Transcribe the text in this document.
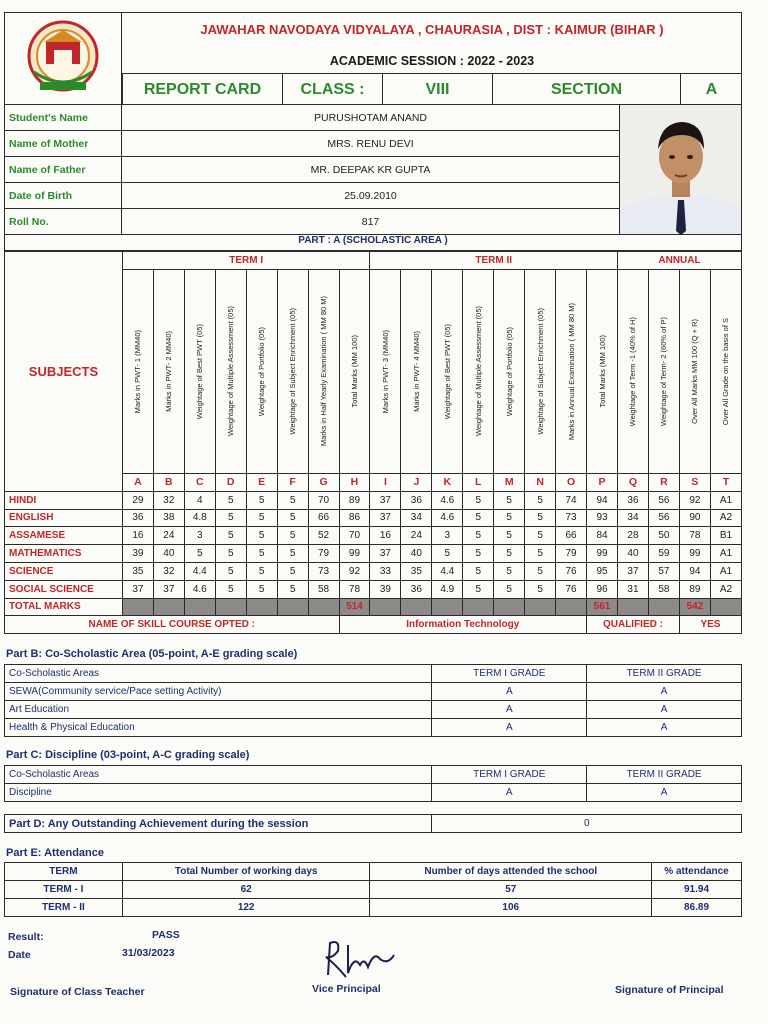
JAWAHAR NAVODAYA VIDYALAYA , CHAURASIA , DIST : KAIMUR (BIHAR )
ACADEMIC SESSION : 2022 - 2023
REPORT CARD	CLASS :	VIII	SECTION	A
Student's Name	PURUSHOTAM ANAND
Name of Mother	MRS. RENU DEVI
Name of Father	MR. DEEPAK KR GUPTA
Date of Birth	25.09.2010
Roll No.	817
PART : A (SCHOLASTIC AREA )
SUBJECTS	TERM I								TERM II								ANNUAL			

	Marks in PWT- 1 (MM40)	Marks in PWT- 2 MM40)	Weightage of Best PWT (05)	Weightage of Multiple Assessment (05)	Weightage of Portfolio (05)	Weightage of Subject Enrichment (05)	Marks in Half Yearly Examination ( MM 80 M)	Total Marks (MM 100)	Marks in PWT- 3 (MM40)	Marks in PWT- 4 MM40)	Weightage of Best PWT (05)	Weightage of Multiple Assessment (05)	Weightage of Portfolio (05)	Weightage of Subject Enrichment (05)	Marks in Annual Examination ( MM 80 M)	Total Marks (MM 100)	Weightage of Term -1 (40% of H)	Weightage of Term- 2 (60% of P)	Over All Marks MM 100 (Q + R)	Over All Grade on the basis of S

	A	B	C	D	E	F	G	H	I	J	K	L	M	N	O	P	Q	R	S	T
HINDI	29	32	4	5	5	5	70	89	37	36	4.6	5	5	5	74	94	36	56	92	A1
ENGLISH	36	38	4.8	5	5	5	66	86	37	34	4.6	5	5	5	73	93	34	56	90	A2
ASSAMESE	16	24	3	5	5	5	52	70	16	24	3	5	5	5	66	84	28	50	78	B1
MATHEMATICS	39	40	5	5	5	5	79	99	37	40	5	5	5	5	79	99	40	59	99	A1
SCIENCE	35	32	4.4	5	5	5	73	92	33	35	4.4	5	5	5	76	95	37	57	94	A1
SOCIAL SCIENCE	37	37	4.6	5	5	5	58	78	39	36	4.9	5	5	5	76	96	31	58	89	A2
TOTAL MARKS								514								561			542	
NAME OF SKILL COURSE OPTED :								Information Technology								QUALIFIED :			YES	
Part B: Co-Scholastic Area (05-point, A-E grading scale)
Co-Scholastic Areas	TERM I GRADE	TERM II GRADE
SEWA(Community service/Pace setting Activity)	A	A
Art Education	A	A
Health & Physical Education	A	A
Part C: Discipline (03-point, A-C grading scale)
Co-Scholastic Areas	TERM I GRADE	TERM II GRADE
Discipline	A	A
Part D: Any Outstanding Achievement during the session	0
Part E: Attendance
TERM	Total Number of working days	Number of days attended the school	% attendance
TERM - I	62	57	91.94
TERM - II	122	106	86.89
Result:	PASS
Date	31/03/2023
Signature of Class Teacher	Vice Principal	Signature of Principal
